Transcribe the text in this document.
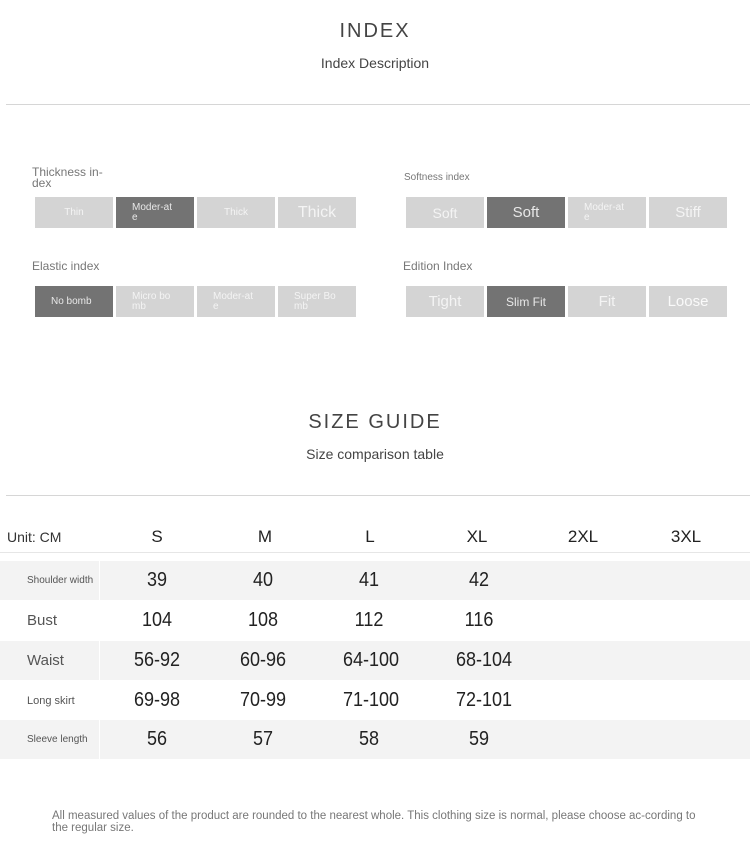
INDEX
Index Description
Thickness in-dex
Thin	Moder-ate	Thick	Thick
Softness index
Soft	Soft	Moder-ate	Stiff
Elastic index
No bomb	Micro bomb
Moder-ate
Super Bomb
Edition Index
Tight	Slim Fit	Fit	Loose
SIZE GUIDE
Size comparison table
Unit: CM	S	M	L	XL	2XL	3XL
Shoulder width	39	40	41	42
Bust	104	108	112	116
Waist	56-92	60-96	64-100	68-104
Long skirt	69-98	70-99	71-100	72-101
Sleeve length	56	57	58	59
All measured values of the product are rounded to the nearest whole. This clothing size is normal, please choose ac-cording to the regular size.
